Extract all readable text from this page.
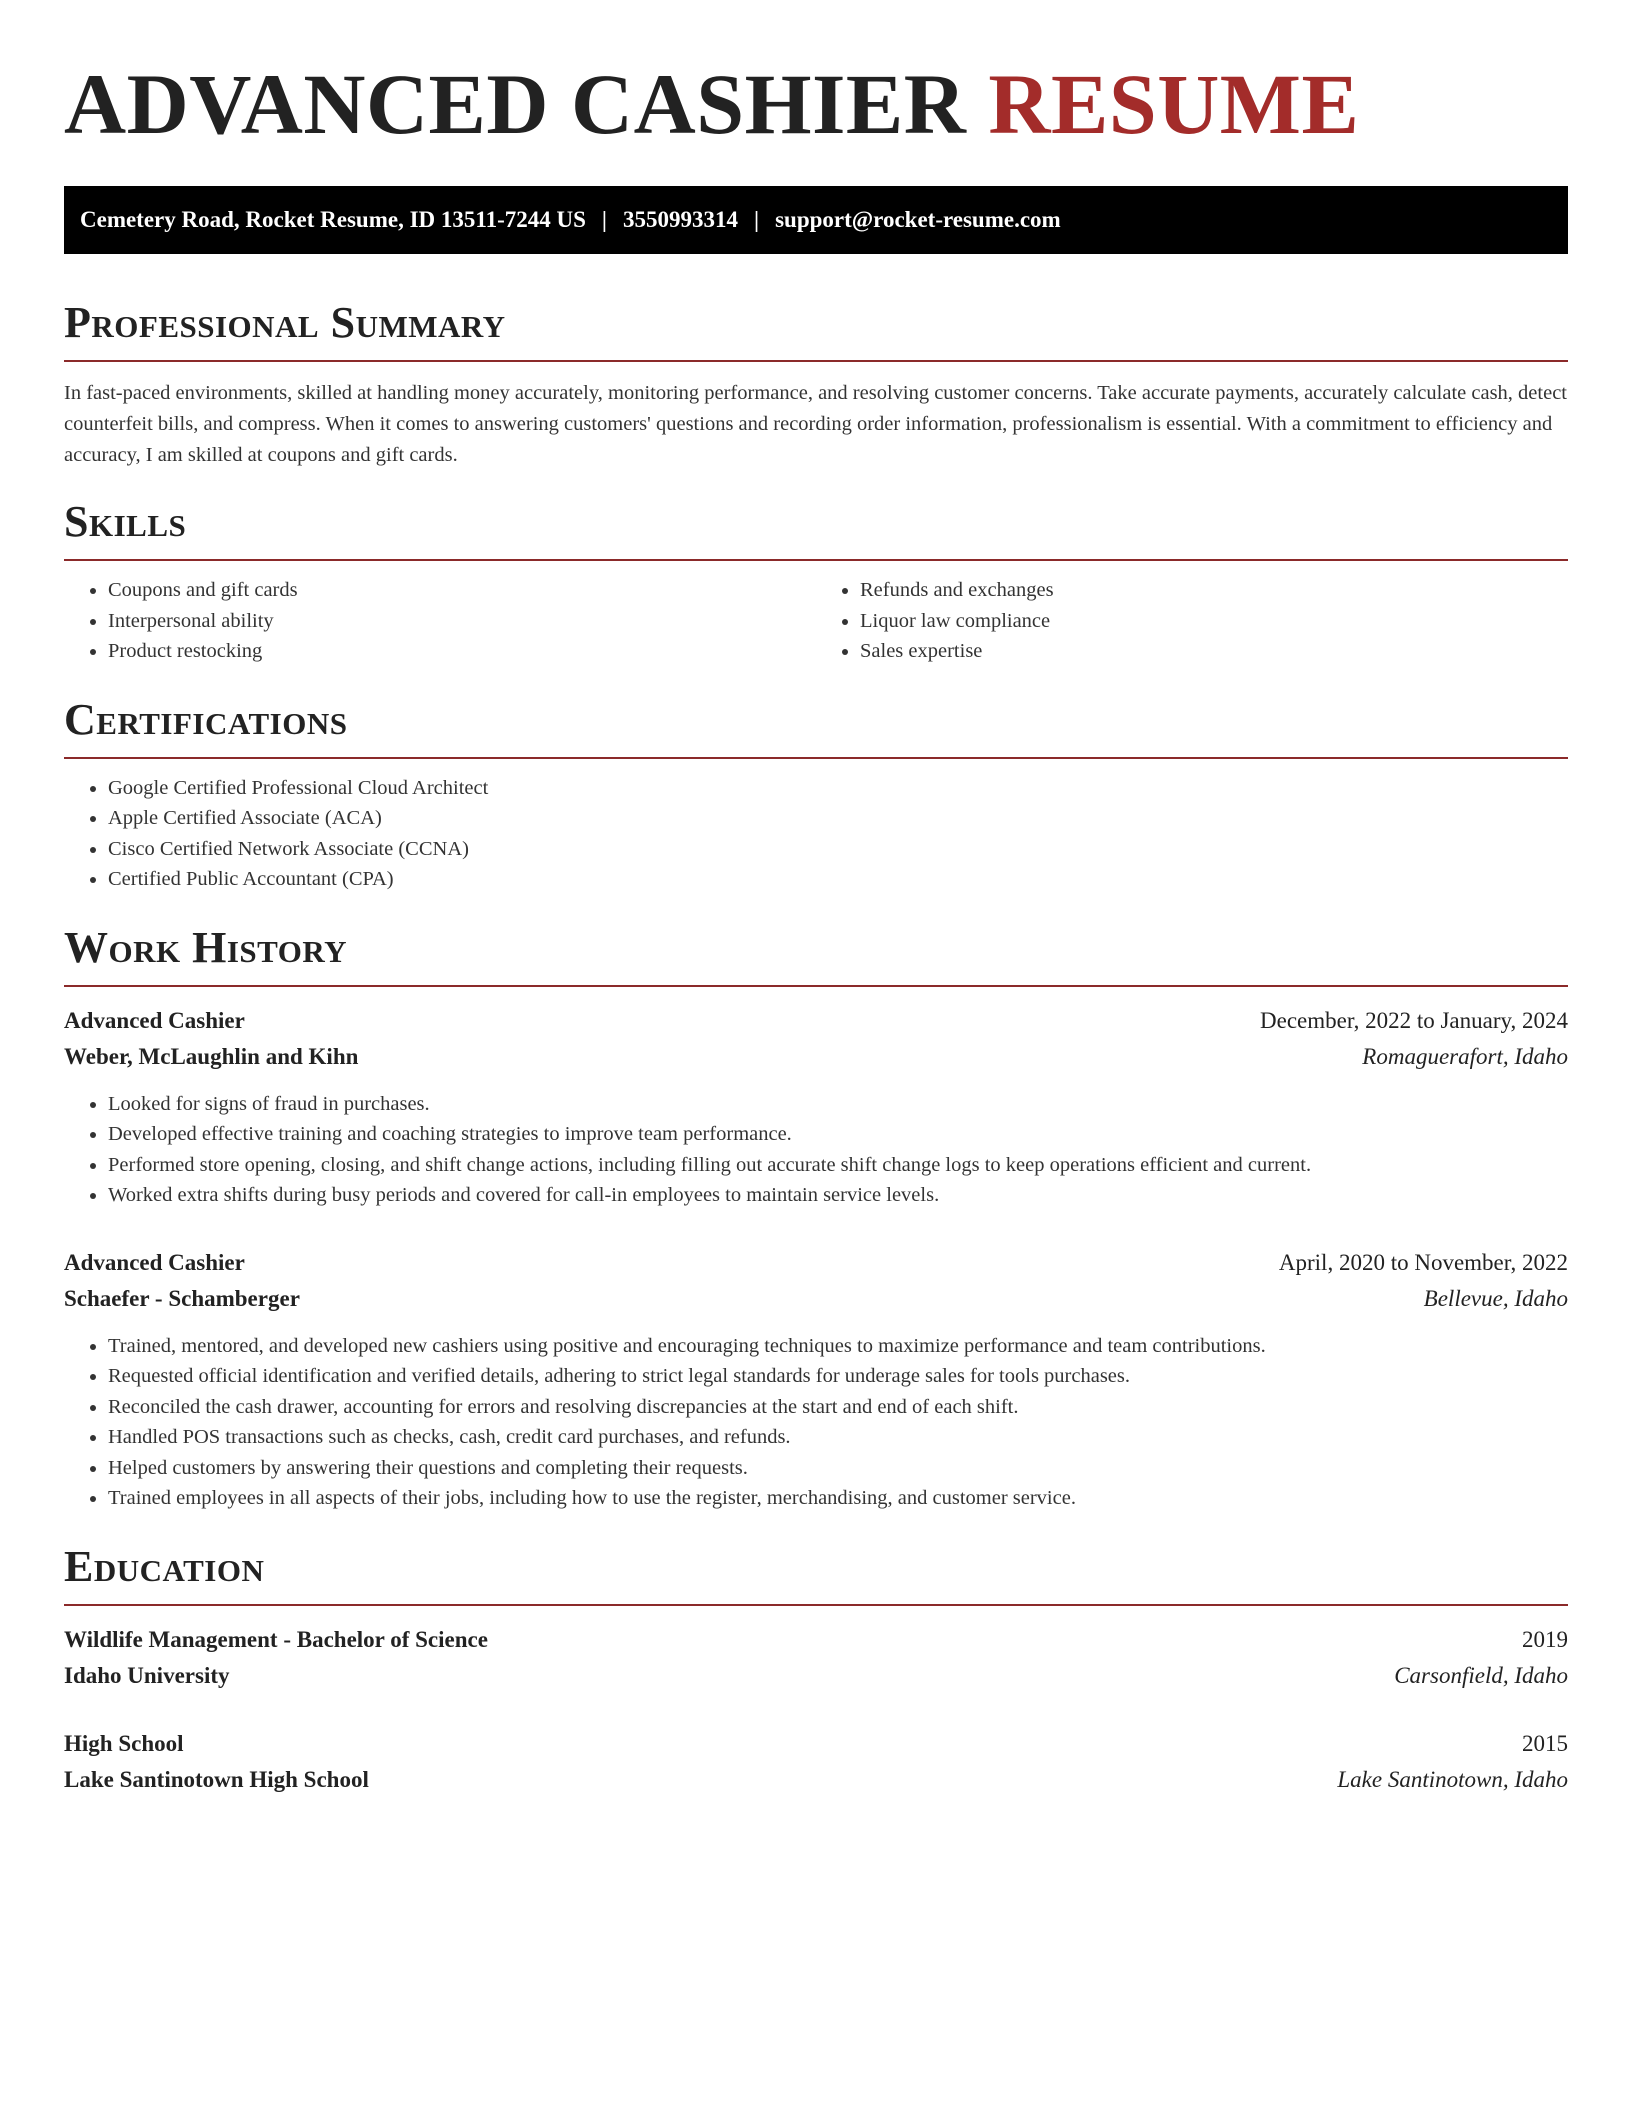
ADVANCED CASHIER RESUME
Cemetery Road, Rocket Resume, ID 13511-7244 US | 3550993314 | support@rocket-resume.com
Professional Summary

In fast-paced environments, skilled at handling money accurately, monitoring performance, and resolving customer concerns. Take accurate payments, accurately calculate cash, detect counterfeit bills, and compress. When it comes to answering customers' questions and recording order information, professionalism is essential. With a commitment to efficiency and accuracy, I am skilled at coupons and gift cards.

Skills
• Coupons and gift cards
• Interpersonal ability
• Product restocking
• Refunds and exchanges
• Liquor law compliance
• Sales expertise
Certifications
• Google Certified Professional Cloud Architect
• Apple Certified Associate (ACA)
• Cisco Certified Network Associate (CCNA)
• Certified Public Accountant (CPA)
Work History
Advanced Cashier	December, 2022 to January, 2024
Weber, McLaughlin and Kihn	Romaguerafort, Idaho
• Looked for signs of fraud in purchases.
• Developed effective training and coaching strategies to improve team performance.
• Performed store opening, closing, and shift change actions, including filling out accurate shift change logs to keep operations efficient and current.
• Worked extra shifts during busy periods and covered for call-in employees to maintain service levels.
Advanced Cashier	April, 2020 to November, 2022
Schaefer - Schamberger	Bellevue, Idaho
• Trained, mentored, and developed new cashiers using positive and encouraging techniques to maximize performance and team contributions.
• Requested official identification and verified details, adhering to strict legal standards for underage sales for tools purchases.
• Reconciled the cash drawer, accounting for errors and resolving discrepancies at the start and end of each shift.
• Handled POS transactions such as checks, cash, credit card purchases, and refunds.
• Helped customers by answering their questions and completing their requests.
• Trained employees in all aspects of their jobs, including how to use the register, merchandising, and customer service.
Education
Wildlife Management - Bachelor of Science	2019
Idaho University	Carsonfield, Idaho
High School	2015
Lake Santinotown High School	Lake Santinotown, Idaho
